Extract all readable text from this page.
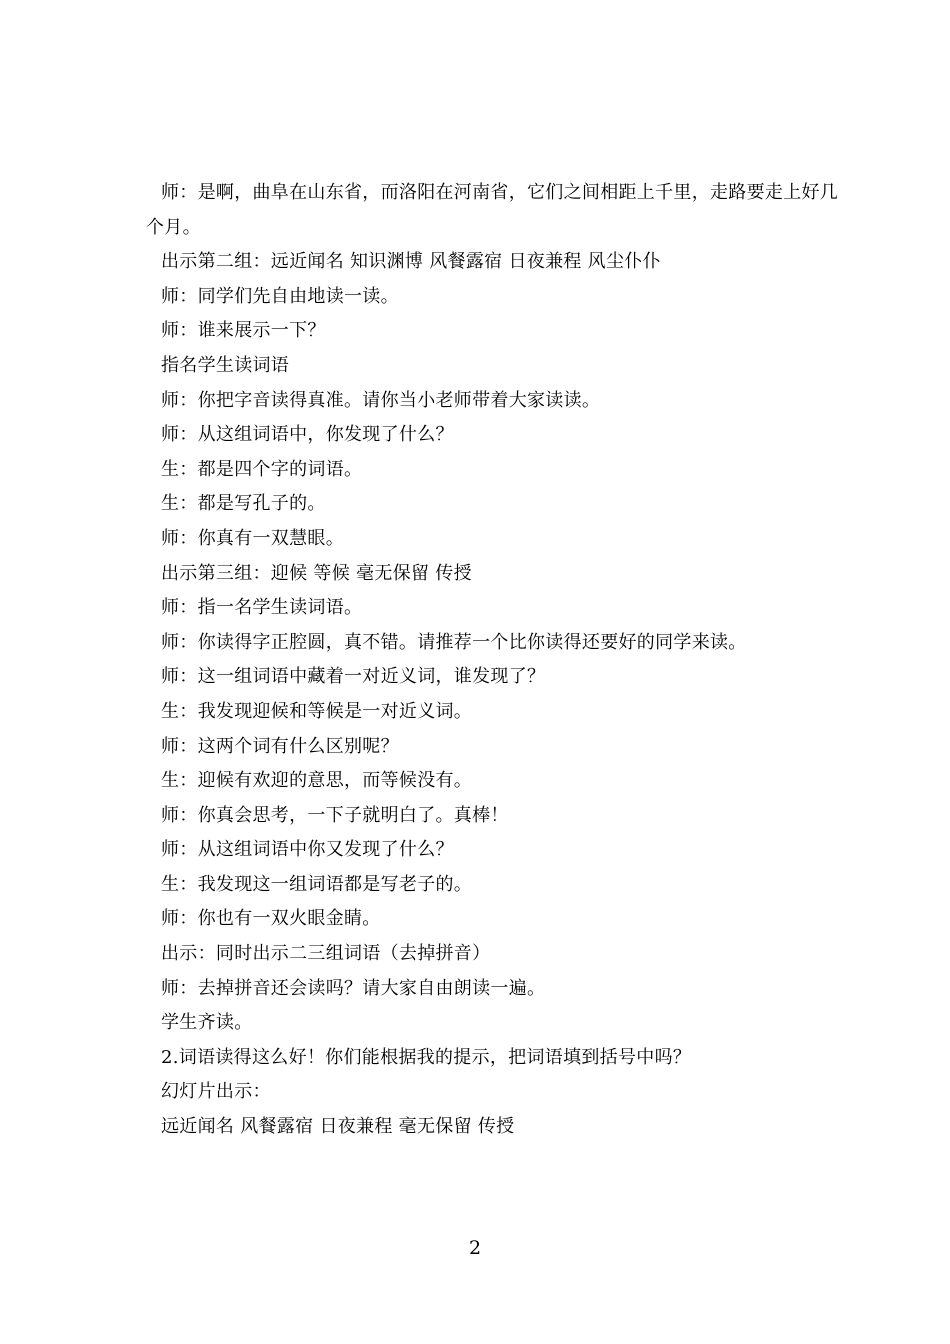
师：是啊，曲阜在山东省，而洛阳在河南省，它们之间相距上千里，走路要走上好几
个月。
出示第二组：远近闻名 知识渊博 风餐露宿 日夜兼程 风尘仆仆
师：同学们先自由地读一读。
师：谁来展示一下？
指名学生读词语
师：你把字音读得真准。请你当小老师带着大家读读。
师：从这组词语中，你发现了什么？
生：都是四个字的词语。
生：都是写孔子的。
师：你真有一双慧眼。
出示第三组：迎候 等候 毫无保留 传授
师：指一名学生读词语。
师：你读得字正腔圆，真不错。请推荐一个比你读得还要好的同学来读。
师：这一组词语中藏着一对近义词，谁发现了？
生：我发现迎候和等候是一对近义词。
师：这两个词有什么区别呢？
生：迎候有欢迎的意思，而等候没有。
师：你真会思考，一下子就明白了。真棒！
师：从这组词语中你又发现了什么？
生：我发现这一组词语都是写老子的。
师：你也有一双火眼金睛。
出示：同时出示二三组词语（去掉拼音）
师：去掉拼音还会读吗？请大家自由朗读一遍。
学生齐读。
2.词语读得这么好！你们能根据我的提示，把词语填到括号中吗？
幻灯片出示：
远近闻名 风餐露宿 日夜兼程 毫无保留 传授
2
